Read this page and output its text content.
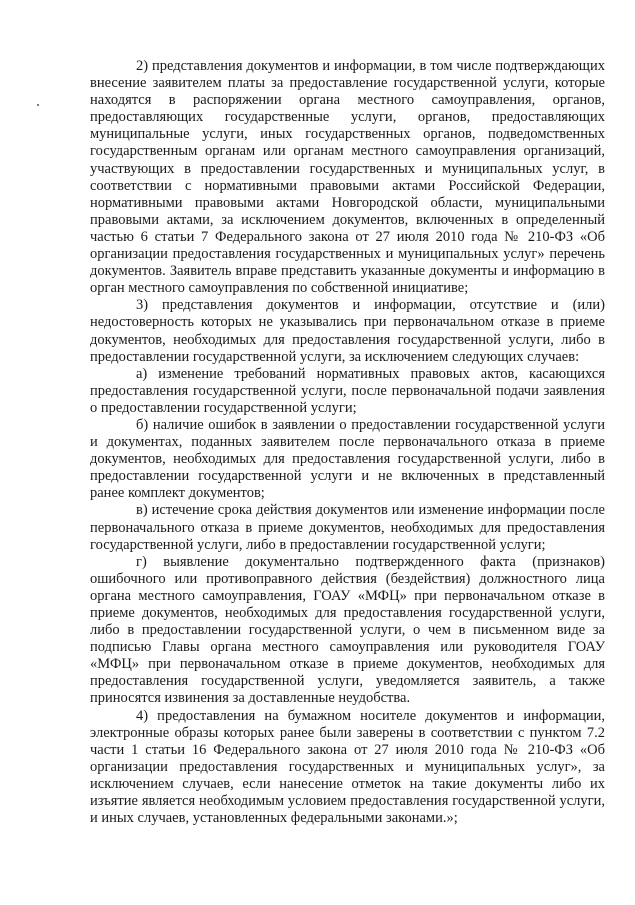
2) представления документов и информации, в том числе подтверждающих внесение заявителем платы за предоставление государственной услуги, которые находятся в распоряжении органа местного самоуправления, органов, предоставляющих государственные услуги, органов, предоставляющих муниципальные услуги, иных государственных органов, подведомственных государственным органам или органам местного самоуправления организаций, участвующих в предоставлении государственных и муниципальных услуг, в соответствии с нормативными правовыми актами Российской Федерации, нормативными правовыми актами Новгородской области, муниципальными правовыми актами, за исключением документов, включенных в определенный частью 6 статьи 7 Федерального закона от 27 июля 2010 года № 210-ФЗ «Об организации предоставления государственных и муниципальных услуг» перечень документов. Заявитель вправе представить указанные документы и информацию в орган местного самоуправления по собственной инициативе;

3) представления документов и информации, отсутствие и (или) недостоверность которых не указывались при первоначальном отказе в приеме документов, необходимых для предоставления государственной услуги, либо в предоставлении государственной услуги, за исключением следующих случаев:

а) изменение требований нормативных правовых актов, касающихся предоставления государственной услуги, после первоначальной подачи заявления о предоставлении государственной услуги;

б) наличие ошибок в заявлении о предоставлении государственной услуги и документах, поданных заявителем после первоначального отказа в приеме документов, необходимых для предоставления государственной услуги, либо в предоставлении государственной услуги и не включенных в представленный ранее комплект документов;

в) истечение срока действия документов или изменение информации после первоначального отказа в приеме документов, необходимых для предоставления государственной услуги, либо в предоставлении государственной услуги;

г) выявление документально подтвержденного факта (признаков) ошибочного или противоправного действия (бездействия) должностного лица органа местного самоуправления, ГОАУ «МФЦ» при первоначальном отказе в приеме документов, необходимых для предоставления государственной услуги, либо в предоставлении государственной услуги, о чем в письменном виде за подписью Главы органа местного самоуправления или руководителя ГОАУ «МФЦ» при первоначальном отказе в приеме документов, необходимых для предоставления государственной услуги, уведомляется заявитель, а также приносятся извинения за доставленные неудобства.

4) предоставления на бумажном носителе документов и информации, электронные образы которых ранее были заверены в соответствии с пунктом 7.2 части 1 статьи 16 Федерального закона от 27 июля 2010 года № 210-ФЗ «Об организации предоставления государственных и муниципальных услуг», за исключением случаев, если нанесение отметок на такие документы либо их изъятие является необходимым условием предоставления государственной услуги, и иных случаев, установленных федеральными законами.»;
